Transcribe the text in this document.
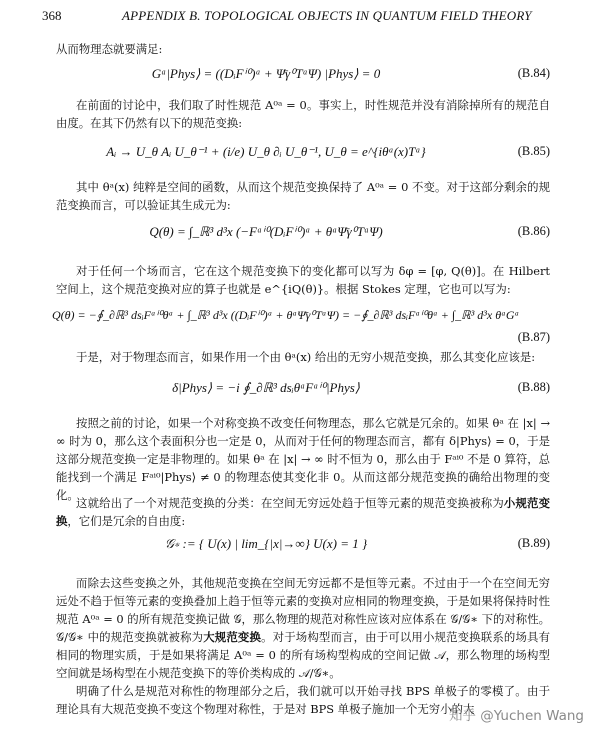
368	APPENDIX B. TOPOLOGICAL OBJECTS IN QUANTUM FIELD THEORY
从而物理态就要满足:
Gᵃ|Phys⟩ = ((DᵢFⁱ⁰)ᵃ + Ψ̄γ⁰TᵃΨ) |Phys⟩ = 0	(B.84)
在前面的讨论中，我们取了时性规范 A⁰ᵃ = 0。事实上，时性规范并没有消除掉所有的规范自由度。在其下仍然有以下的规范变换:
Aᵢ → U_θ Aᵢ U_θ⁻¹ + (i/e) U_θ ∂ᵢ U_θ⁻¹, U_θ = e^{iθᵃ(x)Tᵃ}	(B.85)
其中 θᵃ(x) 纯粹是空间的函数，从而这个规范变换保持了 A⁰ᵃ = 0 不变。对于这部分剩余的规范变换而言，可以验证其生成元为:
Q(θ) = ∫_ℝ³ d³x (−Fᵃⁱ⁰(DᵢFⁱ⁰)ᵃ + θᵃΨ̄γ⁰TᵃΨ)	(B.86)
对于任何一个场而言，它在这个规范变换下的变化都可以写为 δφ = [φ, Q(θ)]。在 Hilbert 空间上，这个规范变换对应的算子也就是 e^{iQ(θ)}。根据 Stokes 定理，它也可以写为:
Q(θ) = −∮_∂ℝ³ dsᵢFᵃⁱ⁰θᵃ + ∫_ℝ³ d³x ((DᵢFⁱ⁰)ᵃ + θᵃΨ̄γ⁰TᵃΨ) = −∮_∂ℝ³ dsᵢFᵃⁱ⁰θᵃ + ∫_ℝ³ d³x θᵃGᵃ
(B.87)
于是，对于物理态而言，如果作用一个由 θᵃ(x) 给出的无穷小规范变换，那么其变化应该是:
δ|Phys⟩ = −i ∮_∂ℝ³ dsᵢθᵃFᵃⁱ⁰|Phys⟩	(B.88)
按照之前的讨论，如果一个对称变换不改变任何物理态，那么它就是冗余的。如果 θᵃ 在 |x| → ∞ 时为 0，那么这个表面积分也一定是 0，从而对于任何的物理态而言，都有 δ|Phys⟩ = 0，于是这部分规范变换一定是非物理的。如果 θᵃ 在 |x| → ∞ 时不恒为 0，那么由于 Fᵃⁱ⁰ 不是 0 算符，总能找到一个满足 Fᵃⁱ⁰|Phys⟩ ≠ 0 的物理态使其变化非 0。从而这部分规范变换的确给出物理的变化。
这就给出了一个对规范变换的分类：在空间无穷远处趋于恒等元素的规范变换被称为小规范变换，它们是冗余的自由度:
𝒢∗ := { U(x) | lim_{|x|→∞} U(x) = 1 }	(B.89)
而除去这些变换之外，其他规范变换在空间无穷远都不是恒等元素。不过由于一个在空间无穷远处不趋于恒等元素的变换叠加上趋于恒等元素的变换对应相同的物理变换，于是如果将保持时性规范 A⁰ᵃ = 0 的所有规范变换记做 𝒢，那么物理的规范对称性应该对应体系在 𝒢/𝒢∗ 下的对称性。𝒢/𝒢∗ 中的规范变换就被称为大规范变换。对于场构型而言，由于可以用小规范变换联系的场具有相同的物理实质，于是如果将满足 A⁰ᵃ = 0 的所有场构型构成的空间记做 𝒜，那么物理的场构型空间就是场构型在小规范变换下的等价类构成的 𝒜/𝒢∗。
明确了什么是规范对称性的物理部分之后，我们就可以开始寻找 BPS 单极子的零模了。由于理论具有大规范变换不变这个物理对称性，于是对 BPS 单极子施加一个无穷小的大
知乎 @Yuchen Wang
